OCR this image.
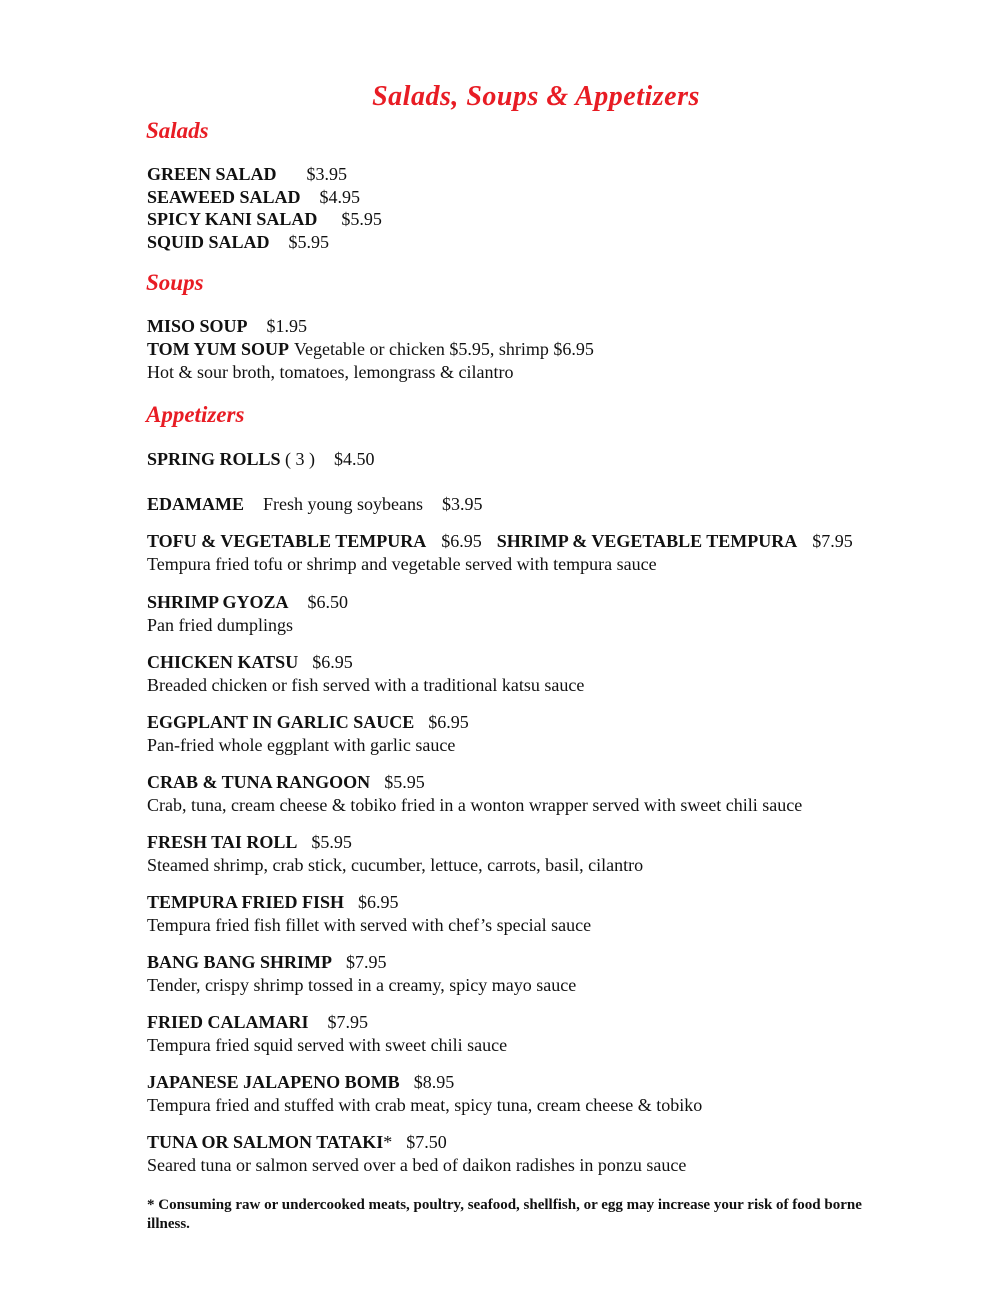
Salads, Soups & Appetizers
Salads

GREEN SALAD $3.95

SEAWEED SALAD $4.95

SPICY KANI SALAD $5.95

SQUID SALAD $5.95

Soups

MISO SOUP $1.95

TOM YUM SOUP Vegetable or chicken $5.95, shrimp $6.95

Hot & sour broth, tomatoes, lemongrass & cilantro

Appetizers

SPRING ROLLS ( 3 ) $4.50

EDAMAME Fresh young soybeans $3.95

TOFU & VEGETABLE TEMPURA $6.95 SHRIMP & VEGETABLE TEMPURA $7.95

Tempura fried tofu or shrimp and vegetable served with tempura sauce

SHRIMP GYOZA $6.50

Pan fried dumplings

CHICKEN KATSU $6.95

Breaded chicken or fish served with a traditional katsu sauce

EGGPLANT IN GARLIC SAUCE $6.95

Pan-fried whole eggplant with garlic sauce

CRAB & TUNA RANGOON $5.95

Crab, tuna, cream cheese & tobiko fried in a wonton wrapper served with sweet chili sauce

FRESH TAI ROLL $5.95

Steamed shrimp, crab stick, cucumber, lettuce, carrots, basil, cilantro

TEMPURA FRIED FISH $6.95

Tempura fried fish fillet with served with chef’s special sauce

BANG BANG SHRIMP $7.95

Tender, crispy shrimp tossed in a creamy, spicy mayo sauce

FRIED CALAMARI $7.95

Tempura fried squid served with sweet chili sauce

JAPANESE JALAPENO BOMB $8.95

Tempura fried and stuffed with crab meat, spicy tuna, cream cheese & tobiko

TUNA OR SALMON TATAKI* $7.50

Seared tuna or salmon served over a bed of daikon radishes in ponzu sauce

* Consuming raw or undercooked meats, poultry, seafood, shellfish, or egg may increase your risk of food borne illness.
